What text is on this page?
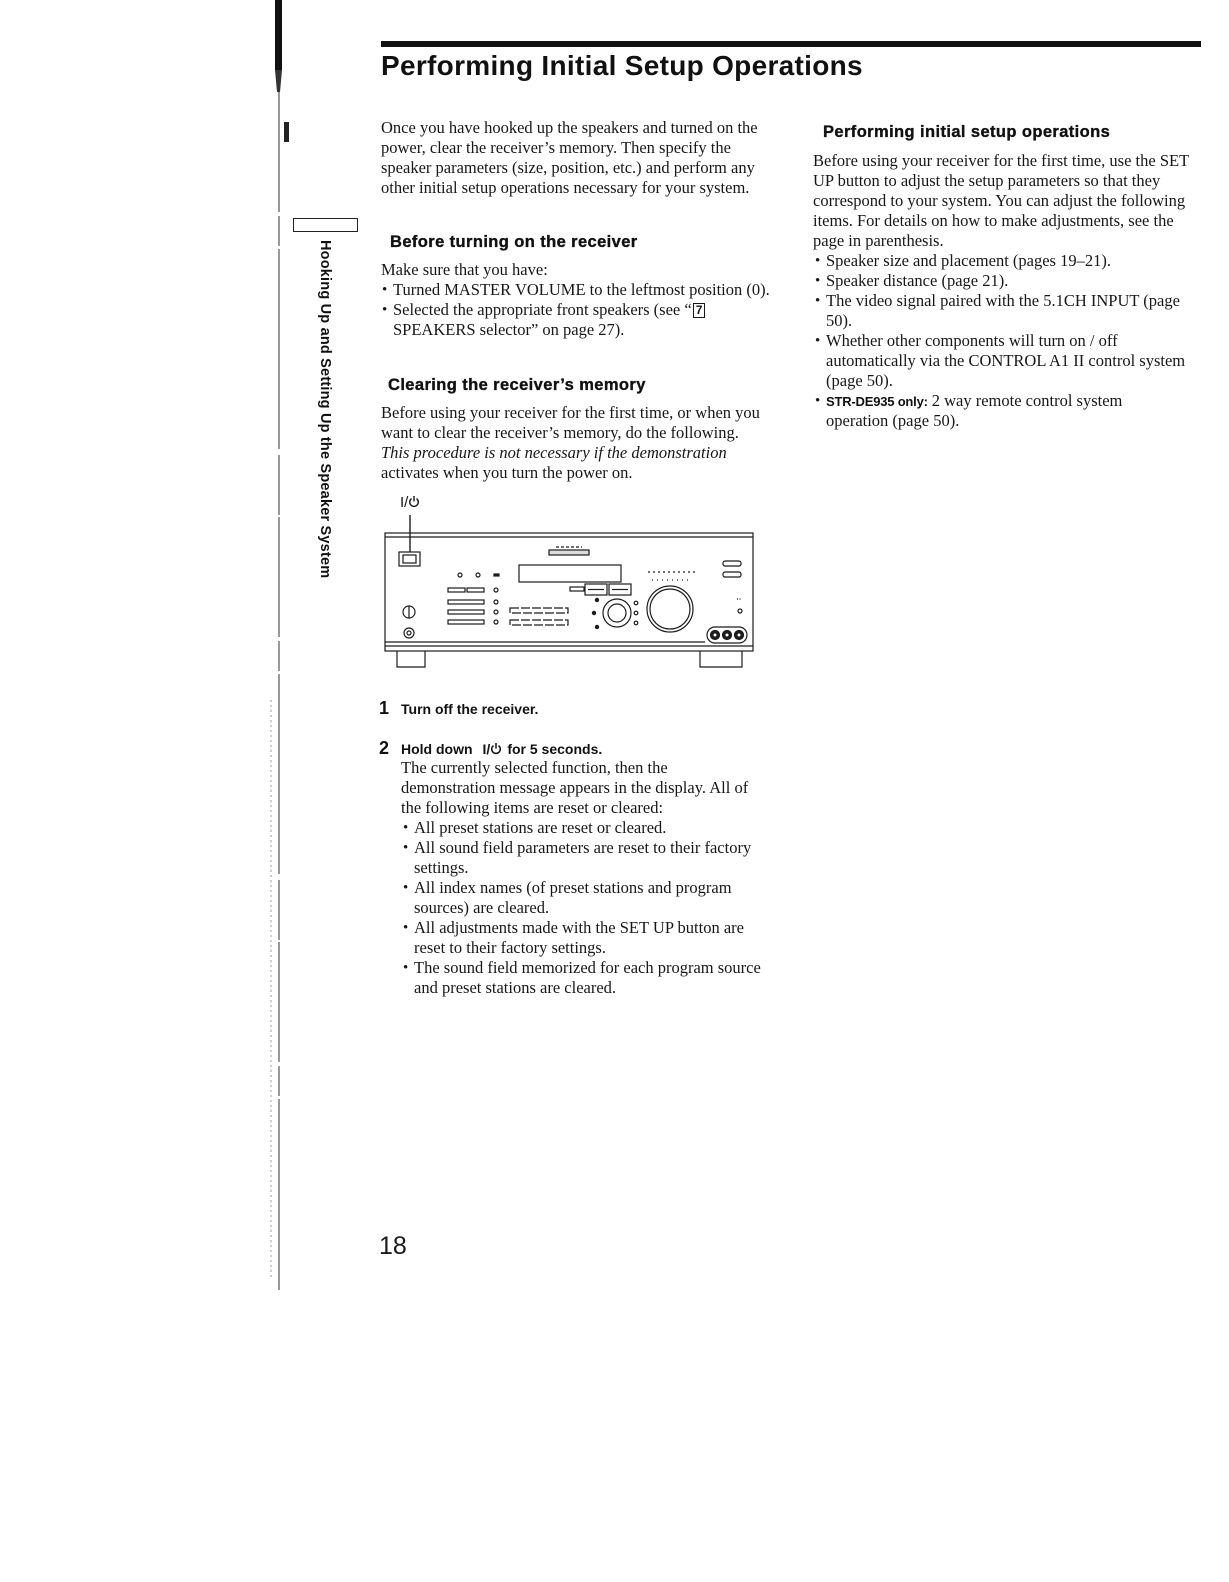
Performing Initial Setup Operations
Hooking Up and Setting Up the Speaker System
Once you have hooked up the speakers and turned on the
power, clear the receiver’s memory. Then specify the
speaker parameters (size, position, etc.) and perform any
other initial setup operations necessary for your system.
Before turning on the receiver
Make sure that you have:
• Turned MASTER VOLUME to the leftmost position (0).
• Selected the appropriate front speakers (see “ 7
SPEAKERS selector” on page 27).
Clearing the receiver’s memory
Before using your receiver for the first time, or when you
want to clear the receiver’s memory, do the following.
This procedure is not necessary if the demonstration
activates when you turn the power on.
I/
1 Turn off the receiver.
2 Hold down I/ for 5 seconds.
The currently selected function, then the
demonstration message appears in the display. All of
the following items are reset or cleared:
• All preset stations are reset or cleared.
• All sound field parameters are reset to their factory
settings.
• All index names (of preset stations and program
sources) are cleared.
• All adjustments made with the SET UP button are
reset to their factory settings.
• The sound field memorized for each program source
and preset stations are cleared.
18
Performing initial setup operations
Before using your receiver for the first time, use the SET
UP button to adjust the setup parameters so that they
correspond to your system. You can adjust the following
items. For details on how to make adjustments, see the
page in parenthesis.
• Speaker size and placement (pages 19–21).
• Speaker distance (page 21).
• The video signal paired with the 5.1CH INPUT (page
50).
• Whether other components will turn on / off
automatically via the CONTROL A1 II control system
(page 50).
• STR-DE935 only: 2 way remote control system
operation (page 50).
